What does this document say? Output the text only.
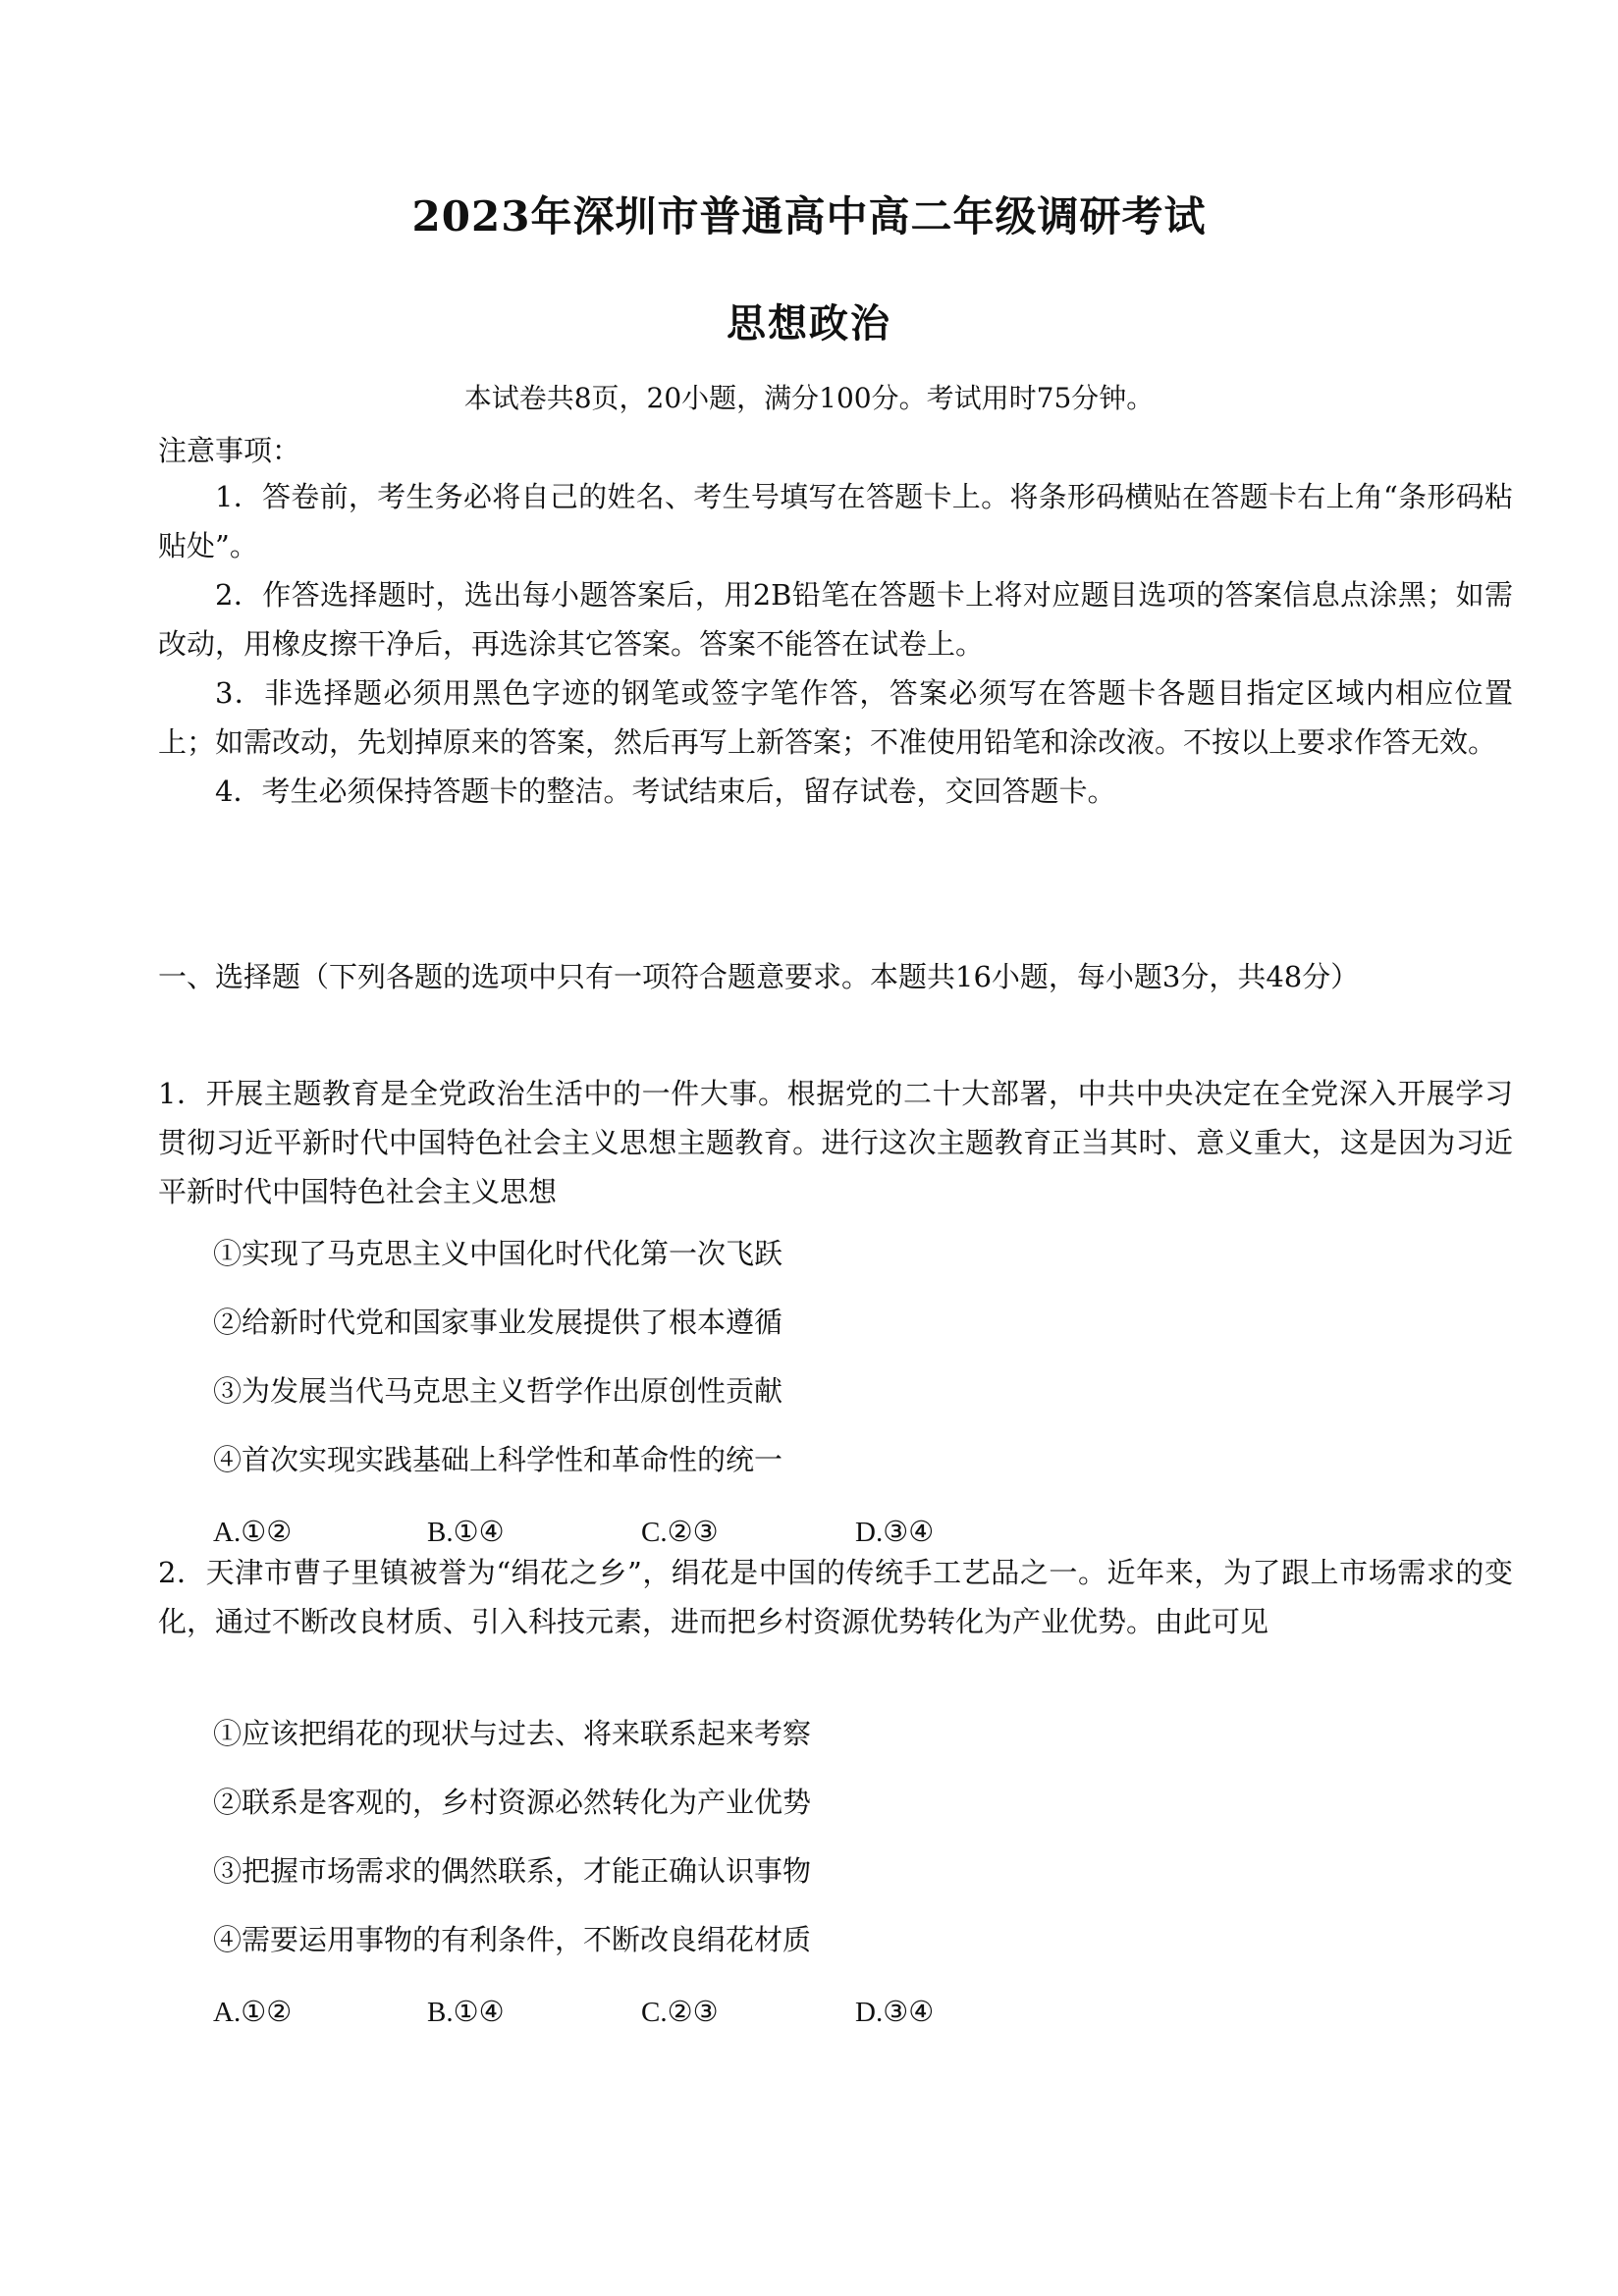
2023年深圳市普通高中高二年级调研考试
思想政治
本试卷共8页，20小题，满分100分。考试用时75分钟。

注意事项：

1．答卷前，考生务必将自己的姓名、考生号填写在答题卡上。将条形码横贴在答题卡右上角“条形码粘贴处”。

2．作答选择题时，选出每小题答案后，用2B铅笔在答题卡上将对应题目选项的答案信息点涂黑；如需改动，用橡皮擦干净后，再选涂其它答案。答案不能答在试卷上。

3．非选择题必须用黑色字迹的钢笔或签字笔作答，答案必须写在答题卡各题目指定区域内相应位置上；如需改动，先划掉原来的答案，然后再写上新答案；不准使用铅笔和涂改液。不按以上要求作答无效。

4．考生必须保持答题卡的整洁。考试结束后，留存试卷，交回答题卡。

一、选择题（下列各题的选项中只有一项符合题意要求。本题共16小题，每小题3分，共48分）

1．开展主题教育是全党政治生活中的一件大事。根据党的二十大部署，中共中央决定在全党深入开展学习贯彻习近平新时代中国特色社会主义思想主题教育。进行这次主题教育正当其时、意义重大，这是因为习近平新时代中国特色社会主义思想

①实现了马克思主义中国化时代化第一次飞跃

②给新时代党和国家事业发展提供了根本遵循

③为发展当代马克思主义哲学作出原创性贡献

④首次实现实践基础上科学性和革命性的统一

A.①②	B.①④	C.②③	D.③④

2．天津市曹子里镇被誉为“绢花之乡”，绢花是中国的传统手工艺品之一。近年来，为了跟上市场需求的变化，通过不断改良材质、引入科技元素，进而把乡村资源优势转化为产业优势。由此可见

①应该把绢花的现状与过去、将来联系起来考察

②联系是客观的，乡村资源必然转化为产业优势

③把握市场需求的偶然联系，才能正确认识事物

④需要运用事物的有利条件，不断改良绢花材质

A.①②	B.①④	C.②③	D.③④
